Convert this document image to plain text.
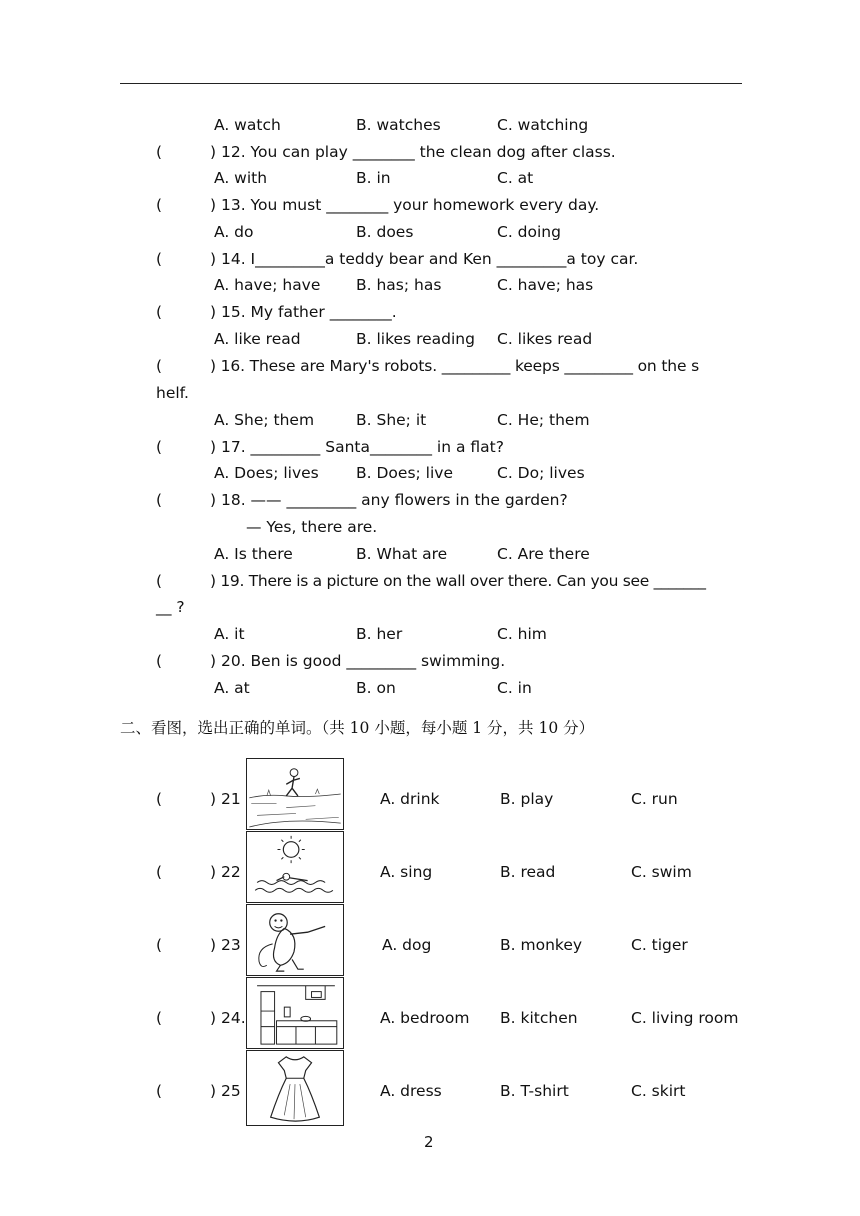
A. watch	B. watches	C. watching
(	) 12. You can play ________ the clean dog after class.
A. with	B. in	C. at
(	) 13. You must ________ your homework every day.
A. do	B. does	C. doing
(	) 14. I_________a teddy bear and Ken _________a toy car.
A. have; have B. has; has	C. have; has
(	) 15. My father ________.
A. like read	B. likes reading C. likes read
(	) 16. These are Mary's robots. _________ keeps _________ on the s
helf.
A. She; them	B. She; it	C. He; them
(	) 17. _________ Santa________ in a flat?
A. Does; lives B. Does; live	C. Do; lives
(	) 18. —— _________ any flowers in the garden?
— Yes, there are.
A. Is there	B. What are	C. Are there
(	) 19. There is a picture on the wall over there. Can you see _______
__ ?
A. it	B. her	C. him
(	) 20. Ben is good _________ swimming.
A. at	B. on	C. in
二、看图，选出正确的单词。（共 10 小题，每小题 1 分，共 10 分）
(	) 21	A. drink	B. play	C. run
(	) 22	A. sing	B. read	C. swim
(	) 23	A. dog	B. monkey	C. tiger
(	) 24.	A. bedroom B. kitchen	C. living room
(	) 25	A. dress	B. T-shirt	C. skirt
2
